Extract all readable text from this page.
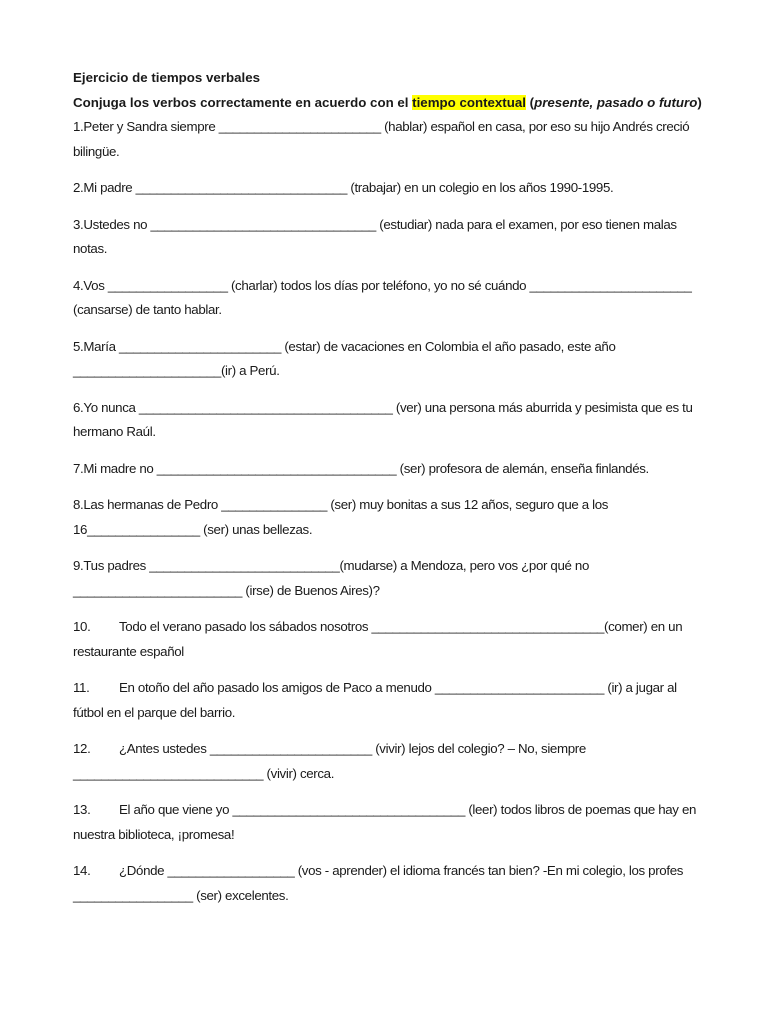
Ejercicio de tiempos verbales

Conjuga los verbos correctamente en acuerdo con el tiempo contextual (presente, pasado o futuro)

1.Peter y Sandra siempre _______________________ (hablar) español en casa, por eso su hijo Andrés creció bilingüe.

2.Mi padre ______________________________ (trabajar) en un colegio en los años 1990-1995.

3.Ustedes no ________________________________ (estudiar) nada para el examen, por eso tienen malas notas.

4.Vos _________________ (charlar) todos los días por teléfono, yo no sé cuándo _______________________ (cansarse) de tanto hablar.

5.María _______________________ (estar) de vacaciones en Colombia el año pasado, este año _____________________(ir) a Perú.

6.Yo nunca ____________________________________ (ver) una persona más aburrida y pesimista que es tu hermano Raúl.

7.Mi madre no __________________________________ (ser) profesora de alemán, enseña finlandés.

8.Las hermanas de Pedro _______________ (ser) muy bonitas a sus 12 años, seguro que a los 16________________ (ser) unas bellezas.

9.Tus padres ___________________________(mudarse) a Mendoza, pero vos ¿por qué no ________________________ (irse) de Buenos Aires)?

10. Todo el verano pasado los sábados nosotros _________________________________(comer) en un restaurante español

11. En otoño del año pasado los amigos de Paco a menudo ________________________ (ir) a jugar al fútbol en el parque del barrio.

12. ¿Antes ustedes _______________________ (vivir) lejos del colegio? – No, siempre ___________________________ (vivir) cerca.

13. El año que viene yo _________________________________ (leer) todos libros de poemas que hay en nuestra biblioteca, ¡promesa!

14. ¿Dónde __________________ (vos - aprender) el idioma francés tan bien? -En mi colegio, los profes _________________ (ser) excelentes.
